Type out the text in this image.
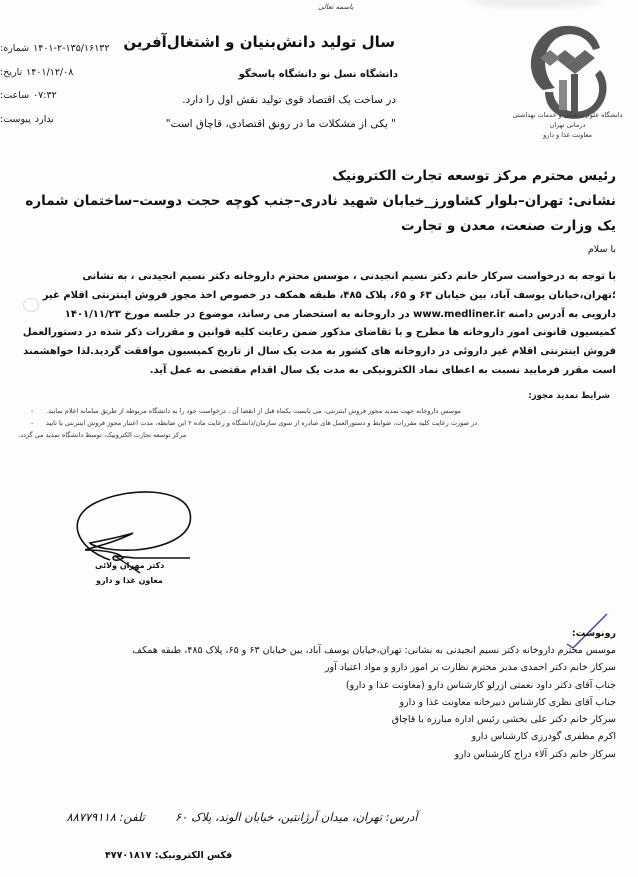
باسمه تعالی
دانشگاه علوم پزشکی و خدمات بهداشتی درمانی تهران
معاونت غذا و دارو
سال تولید دانش‌بنیان و اشتغال‌آفرین
دانشگاه نسل نو دانشگاه پاسخگو
در ساخت یک اقتصاد قوی تولید نقش اول را دارد.
" یکی از مشکلات ما در رونق اقتصادی، قاچاق است"
شماره: ۱۴۰۱-۲-۱۳۵/۱۶۱۳۲
تاریخ: ۱۴۰۱/۱۲/۰۸
ساعت: ۰۷:۳۲
پیوست: ندارد
رئیس محترم مرکز توسعه تجارت الکترونیک
نشانی: تهران–بلوار کشاورز_خیابان شهید نادری–جنب کوچه حجت دوست–ساختمان شماره
یک وزارت صنعت، معدن و تجارت
با سلام
با توجه به درخواست سرکار خانم دکتر نسیم انجیدنی ، موسس محترم داروخانه دکتر نسیم انجیدنی ، به نشانی
؛تهران،خیابان یوسف آباد، بین خیابان ۶۳ و ۶۵، پلاک ۴۸۵، طبقه همکف در خصوص اخذ مجوز فروش اینترنتی اقلام غیر
دارویی به آدرس دامنه www.medliner.ir در داروخانه به استحضار می رساند، موضوع در جلسه مورخ ۱۴۰۱/۱۱/۲۳
کمیسیون قانونی امور داروخانه ها مطرح و با تقاضای مذکور ضمن رعایت کلیه قوانین و مقررات ذکر شده در دستورالعمل
فروش اینترنتی اقلام غیر داروئی در داروخانه های کشور به مدت یک سال از تاریخ کمیسیون موافقت گردید.لذا خواهشمند
است مقرر فرمایید نسبت به اعطای نماد الکترونیکی به مدت یک سال اقدام مقتضی به عمل آید.
شرایط تمدید مجوز:
-	موسس داروخانه جهت تمدید مجوز فروش اینترنتی، می بایست یکماه قبل از انقضا آن ، درخواست خود را به دانشگاه مربوطه از طریق سامانه اعلام نمایند.
-	در صورت رعایت کلیه مقررات، ضوابط و دستورالعمل های صادره از سوی سازمان/دانشگاه و رعایت ماده ۲ این ضابطه، مدت اعتبار مجوز فروش اینترنتی با تایید
مرکز توسعه تجارت الکترونیک، توسط دانشگاه تمدید می گردد.
دکتر مهران ولائی
معاون غذا و دارو
رونوشت:
موسس محترم داروخانه دکتر نسیم انجیدنی به نشانی: تهران،خیابان یوسف آباد، بین خیابان ۶۳ و ۶۵، پلاک ۴۸۵، طبقه همکف
سرکار خانم دکتر احمدی مدیر محترم نظارت بر امور دارو و مواد اعتیاد آور
جناب آقای دکتر داود نعمتی ازرلو کارشناس دارو (معاونت غذا و دارو)
جناب آقای نظری کارشناس دبیرخانه معاونت غذا و دارو
سرکار خانم دکتر علی بخشی رئیس اداره مبارزه با قاچاق
اکرم مظفری گودرزی کارشناس دارو
سرکار خانم دکتر آلاء دراج کارشناس دارو
آدرس: تهران، میدان آرژانتین، خیابان الوند، پلاک ۶۰
تلفن: ۸۸۷۷۹۱۱۸
فکس الکترونیک: ۴۷۷۰۱۸۱۷
